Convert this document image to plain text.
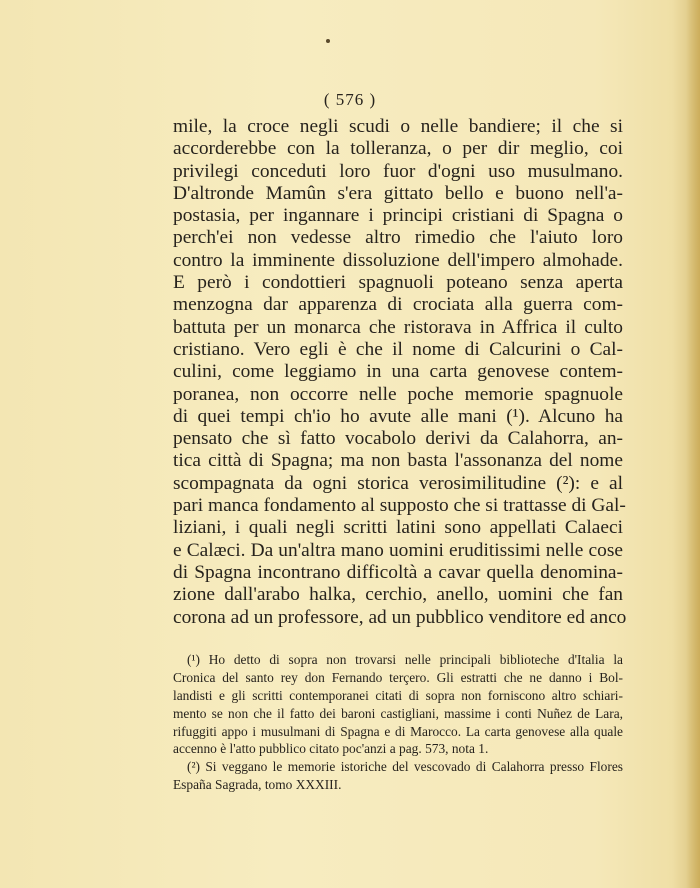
( 576 )
mile, la croce negli scudi o nelle bandiere; il che si
accorderebbe con la tolleranza, o per dir meglio, coi
privilegi conceduti loro fuor d'ogni uso musulmano.
D'altronde Mamûn s'era gittato bello e buono nell'a-
postasia, per ingannare i principi cristiani di Spagna o
perch'ei non vedesse altro rimedio che l'aiuto loro
contro la imminente dissoluzione dell'impero almohade.
E però i condottieri spagnuoli poteano senza aperta
menzogna dar apparenza di crociata alla guerra com-
battuta per un monarca che ristorava in Affrica il culto
cristiano. Vero egli è che il nome di Calcurini o Cal-
culini, come leggiamo in una carta genovese contem-
poranea, non occorre nelle poche memorie spagnuole
di quei tempi ch'io ho avute alle mani (¹). Alcuno ha
pensato che sì fatto vocabolo derivi da Calahorra, an-
tica città di Spagna; ma non basta l'assonanza del nome
scompagnata da ogni storica verosimilitudine (²): e al
pari manca fondamento al supposto che si trattasse di Gal-
liziani, i quali negli scritti latini sono appellati Calaeci
e Calæci. Da un'altra mano uomini eruditissimi nelle cose
di Spagna incontrano difficoltà a cavar quella denomina-
zione dall'arabo halka, cerchio, anello, uomini che fan
corona ad un professore, ad un pubblico venditore ed anco
(¹) Ho detto di sopra non trovarsi nelle principali biblioteche d'Italia la
Cronica del santo rey don Fernando terçero. Gli estratti che ne danno i Bol-
landisti e gli scritti contemporanei citati di sopra non forniscono altro schiari-
mento se non che il fatto dei baroni castigliani, massime i conti Nuñez de Lara,
rifuggiti appo i musulmani di Spagna e di Marocco. La carta genovese alla quale
accenno è l'atto pubblico citato poc'anzi a pag. 573, nota 1.
(²) Si veggano le memorie istoriche del vescovado di Calahorra presso Flores
España Sagrada, tomo XXXIII.
